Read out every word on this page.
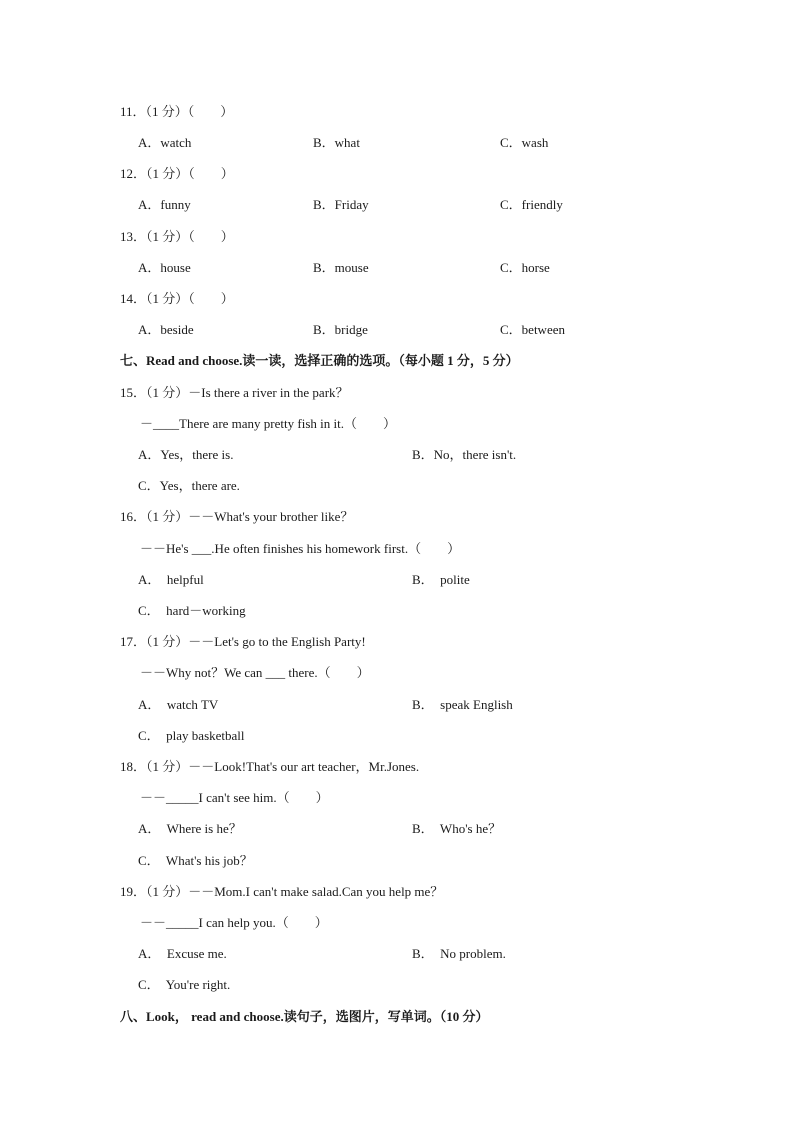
11．（1 分）（　　）
A．watch	B．what	C．wash
12．（1 分）（　　）
A．funny	B．Friday	C．friendly
13．（1 分）（　　）
A．house	B．mouse	C．horse
14．（1 分）（　　）
A．beside	B．bridge	C．between
七、Read and choose.读一读，选择正确的选项。（每小题 1 分，5 分）
15．（1 分）－Is there a river in the park？
－____There are many pretty fish in it.（　　）
A．Yes，there is.	B．No，there isn't.
C．Yes，there are.
16．（1 分）－－What's your brother like？
－－He's ___.He often finishes his homework first.（　　）
A．  helpful	B．  polite
C．  hard－working
17．（1 分）－－Let's go to the English Party!
－－Why not？We can ___ there.（　　）
A．  watch TV	B．  speak English
C．  play basketball
18．（1 分）－－Look!That's our art teacher，Mr.Jones.
－－_____I can't see him.（　　）
A．  Where is he？	B．  Who's he？
C．  What's his job？
19．（1 分）－－Mom.I can't make salad.Can you help me？
－－_____I can help you.（　　）
A．  Excuse me.	B．  No problem.
C．  You're right.
八、Look， read and choose.读句子，选图片，写单词。（10 分）
